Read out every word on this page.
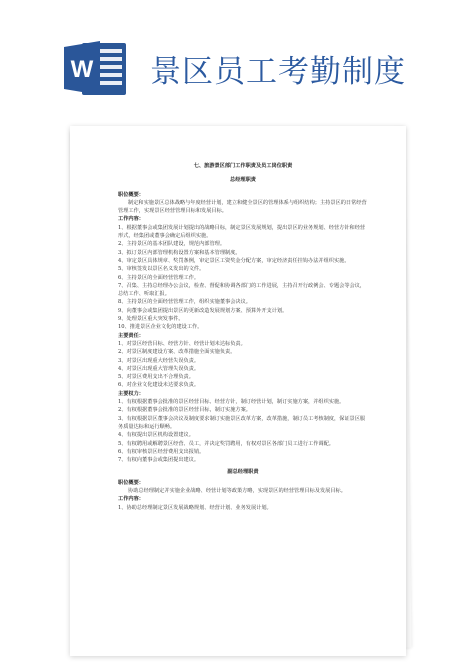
W 景区员工考勤制度

七、旅游景区部门工作职责及员工岗位职责

总经理职责

职位概要：

制定和实施景区总体战略与年度经营计划，建立和健全景区的管理体系与组织结构；主持景区的日常经营管理工作，实现景区经营管理目标和发展目标。

工作内容：

1、根据董事会或集团发展计划提出的战略目标，制定景区发展规划，提出景区的业务规划、经营方针和经营形式，经集团或董事会确定后组织实施。

2、主持景区的基本团队建设，规范内部管理。

3、拟订景区内部管理机构设置方案和基本管理制度。

4、审定景区具体规章、奖罚条例，审定景区工资奖金分配方案，审定经济责任挂钩办法并组织实施。

5、审核签发以景区名义发出的文件。

6、主持景区的全面经营管理工作。

7、召集、主持总经理办公会议，检查、督促和协调各部门的工作进展，主持召开行政例会、专题会等会议，总结工作、听取汇报。

8、主持景区的全面经营管理工作，组织实施董事会决议。

9、向董事会或集团提出景区的更新改造发展规划方案、预算外开支计划。

9、处理景区重大突发事件。

10、推进景区企业文化的建设工作。

主要责任：

1、对景区经营目标、经营方针、经营计划未达标负责。

2、对景区制度建设方案、改革措施全面实施负责。

3、对景区出现重大经营失误负责。

4、对景区出现重大管理失误负责。

5、对景区费用支出不合理负责。

6、对企业文化建设未达要求负责。

主要权力：

1、有权根据董事会批准的景区经营目标、经营方针，制订经营计划，制订实施方案，并组织实施。

2、有权根据董事会批准的景区经营目标，制订实施方案。

3、有权根据景区董事会决议及制度要求制订实施景区改革方案，改革措施，制订员工考核制度，保证景区服务质量达标和运行顺畅。

4、有权提出景区机构设置建议。

5、有权聘用或解聘景区经营、员工，并决定奖罚聘用，有权对景区各部门员工进行工作调配。

6、有权审核景区经营费用支出报销。

7、有权向董事会或集团提出建议。

副总经理职责

职位概要：

协助总经理制定并实施企业战略、经营计划等政策方略，实现景区的经营管理目标及发展目标。

工作内容：

1、协助总经理制定景区发展战略规划、经营计划、业务发展计划。
